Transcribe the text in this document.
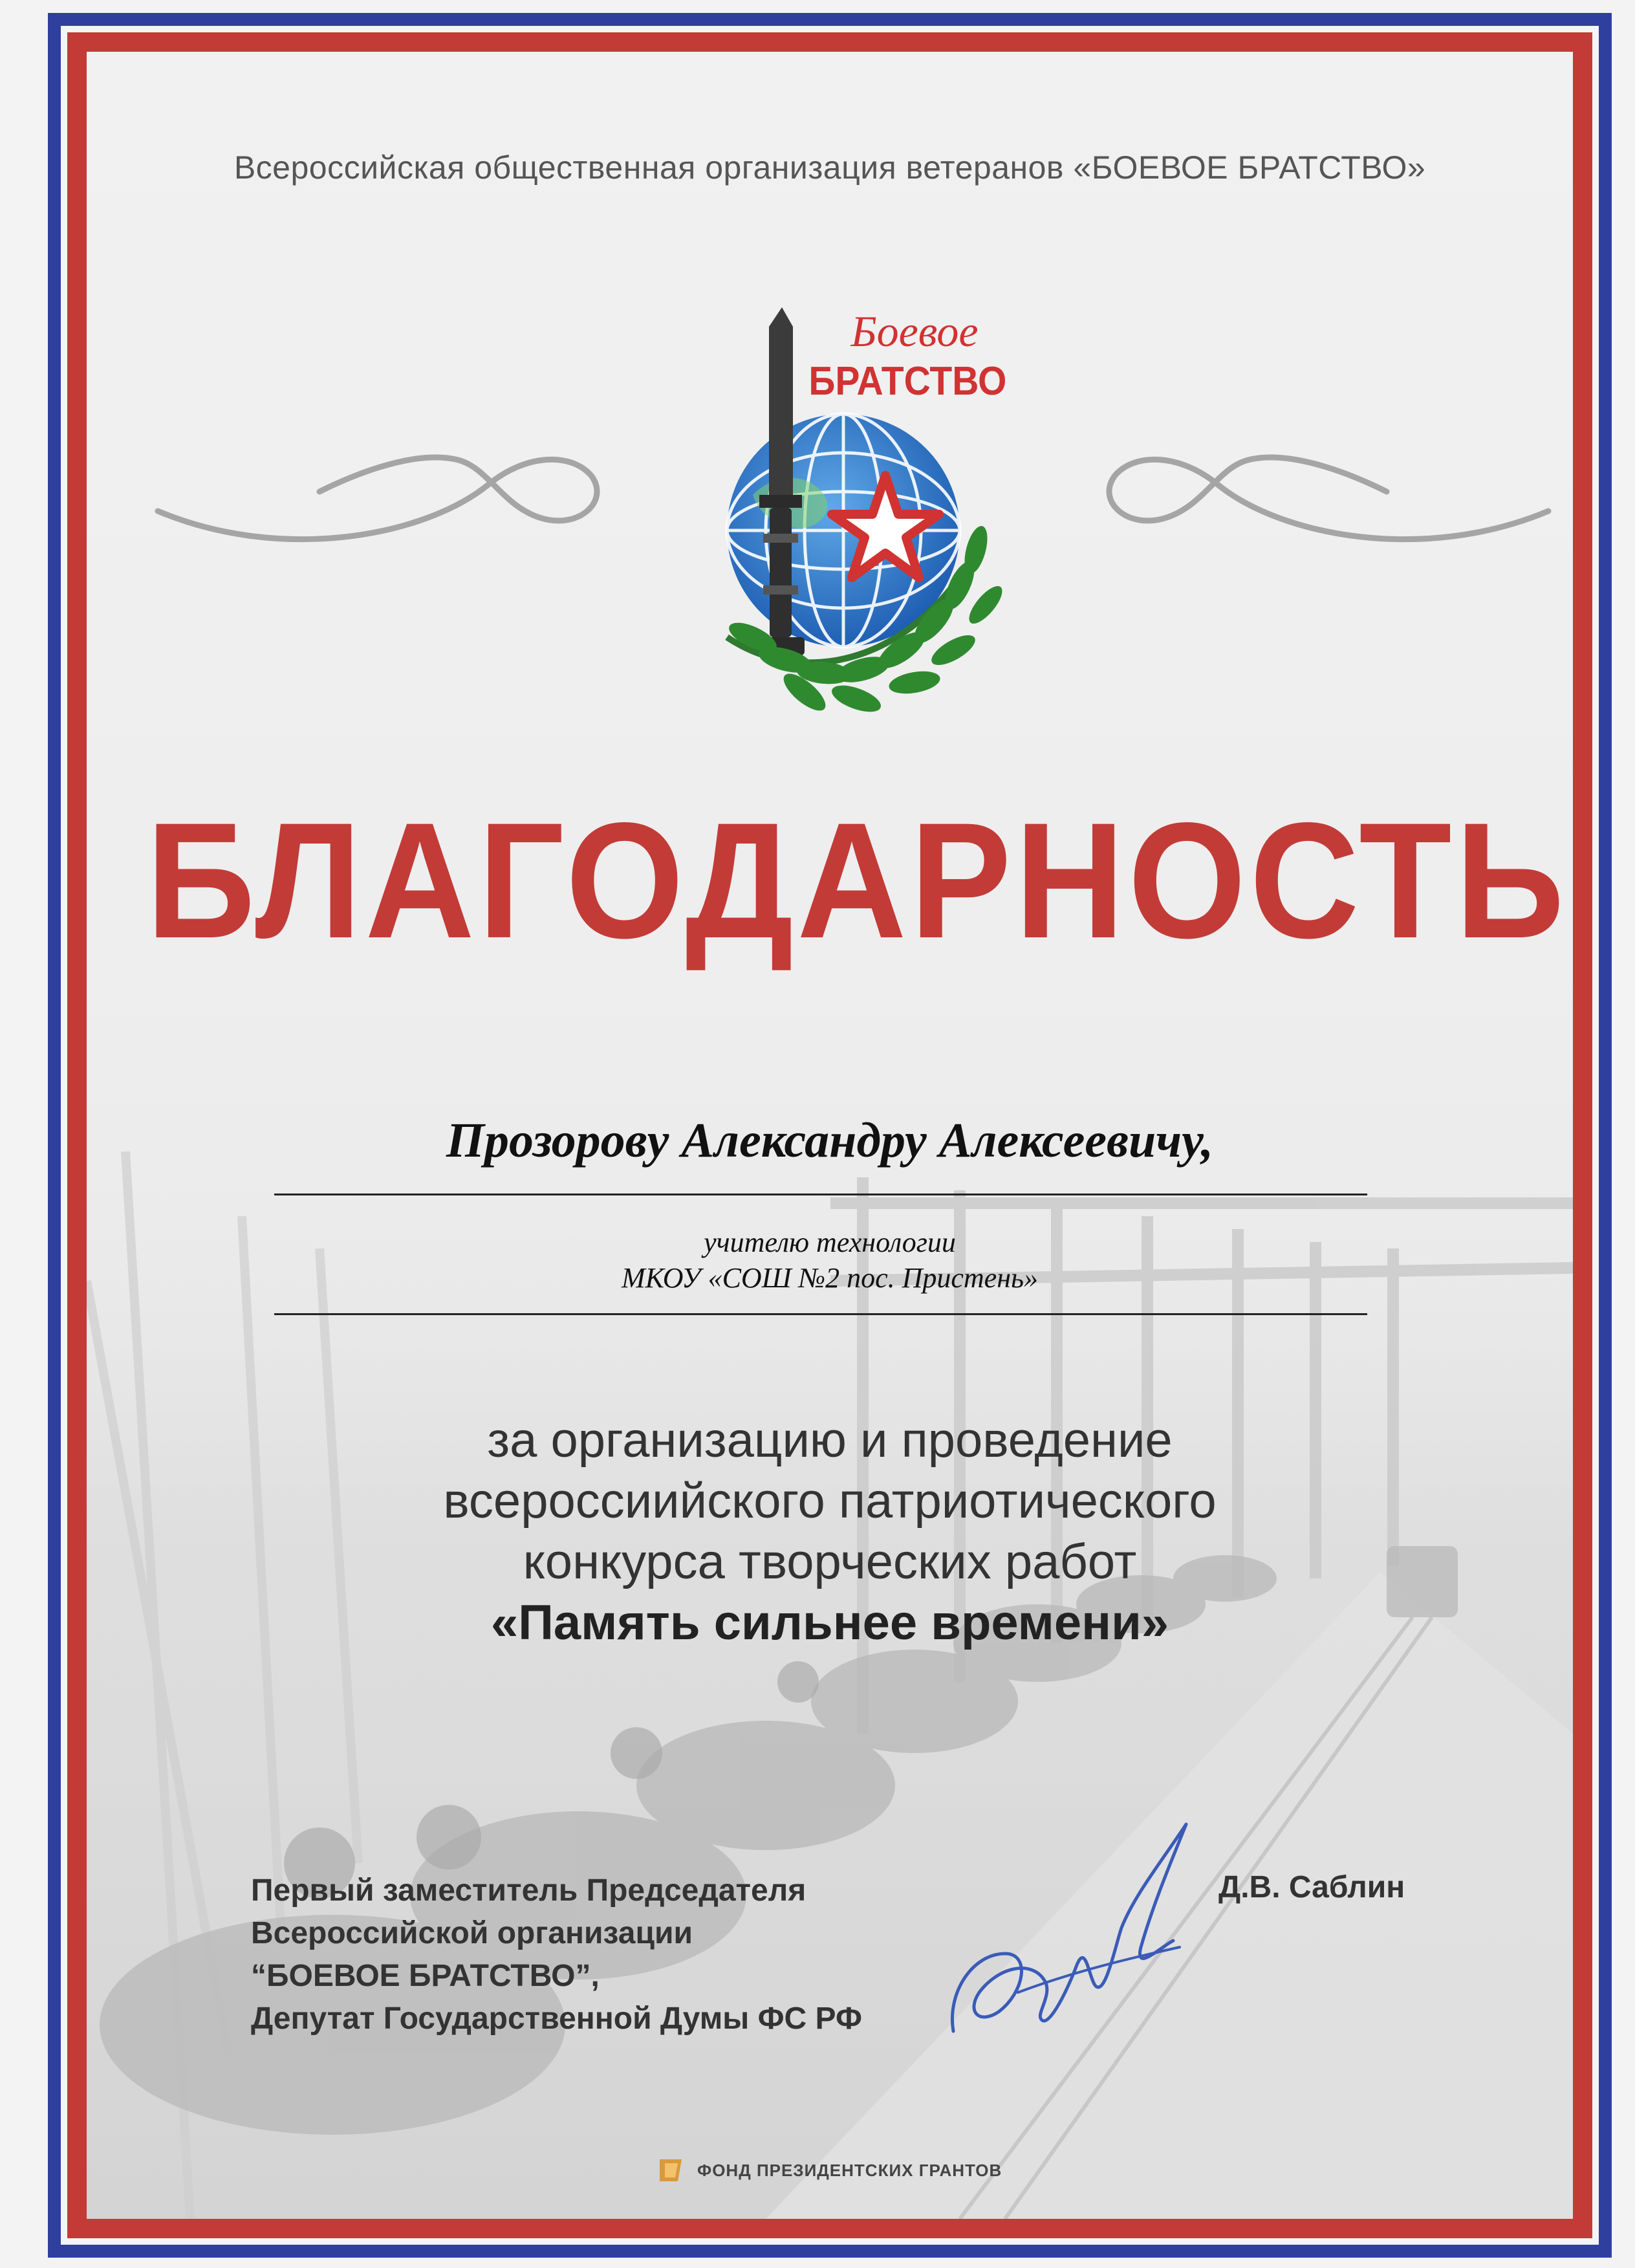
Всероссийская общественная организация ветеранов «БОЕВОЕ БРАТСТВО»
Боевое
БРАТСТВО
БЛАГОДАРНОСТЬ
Прозорову Александру Алексеевичу,
учителю технологии
МКОУ «СОШ №2 пос. Пристень»
за организацию и проведение
всероссиийского патриотического
конкурса творческих работ
«Память сильнее времени»
Первый заместитель Председателя
Всероссийской организации
“БОЕВОЕ БРАТСТВО”,
Депутат Государственной Думы ФС РФ
Д.В. Саблин
ФОНД ПРЕЗИДЕНТСКИХ ГРАНТОВ
